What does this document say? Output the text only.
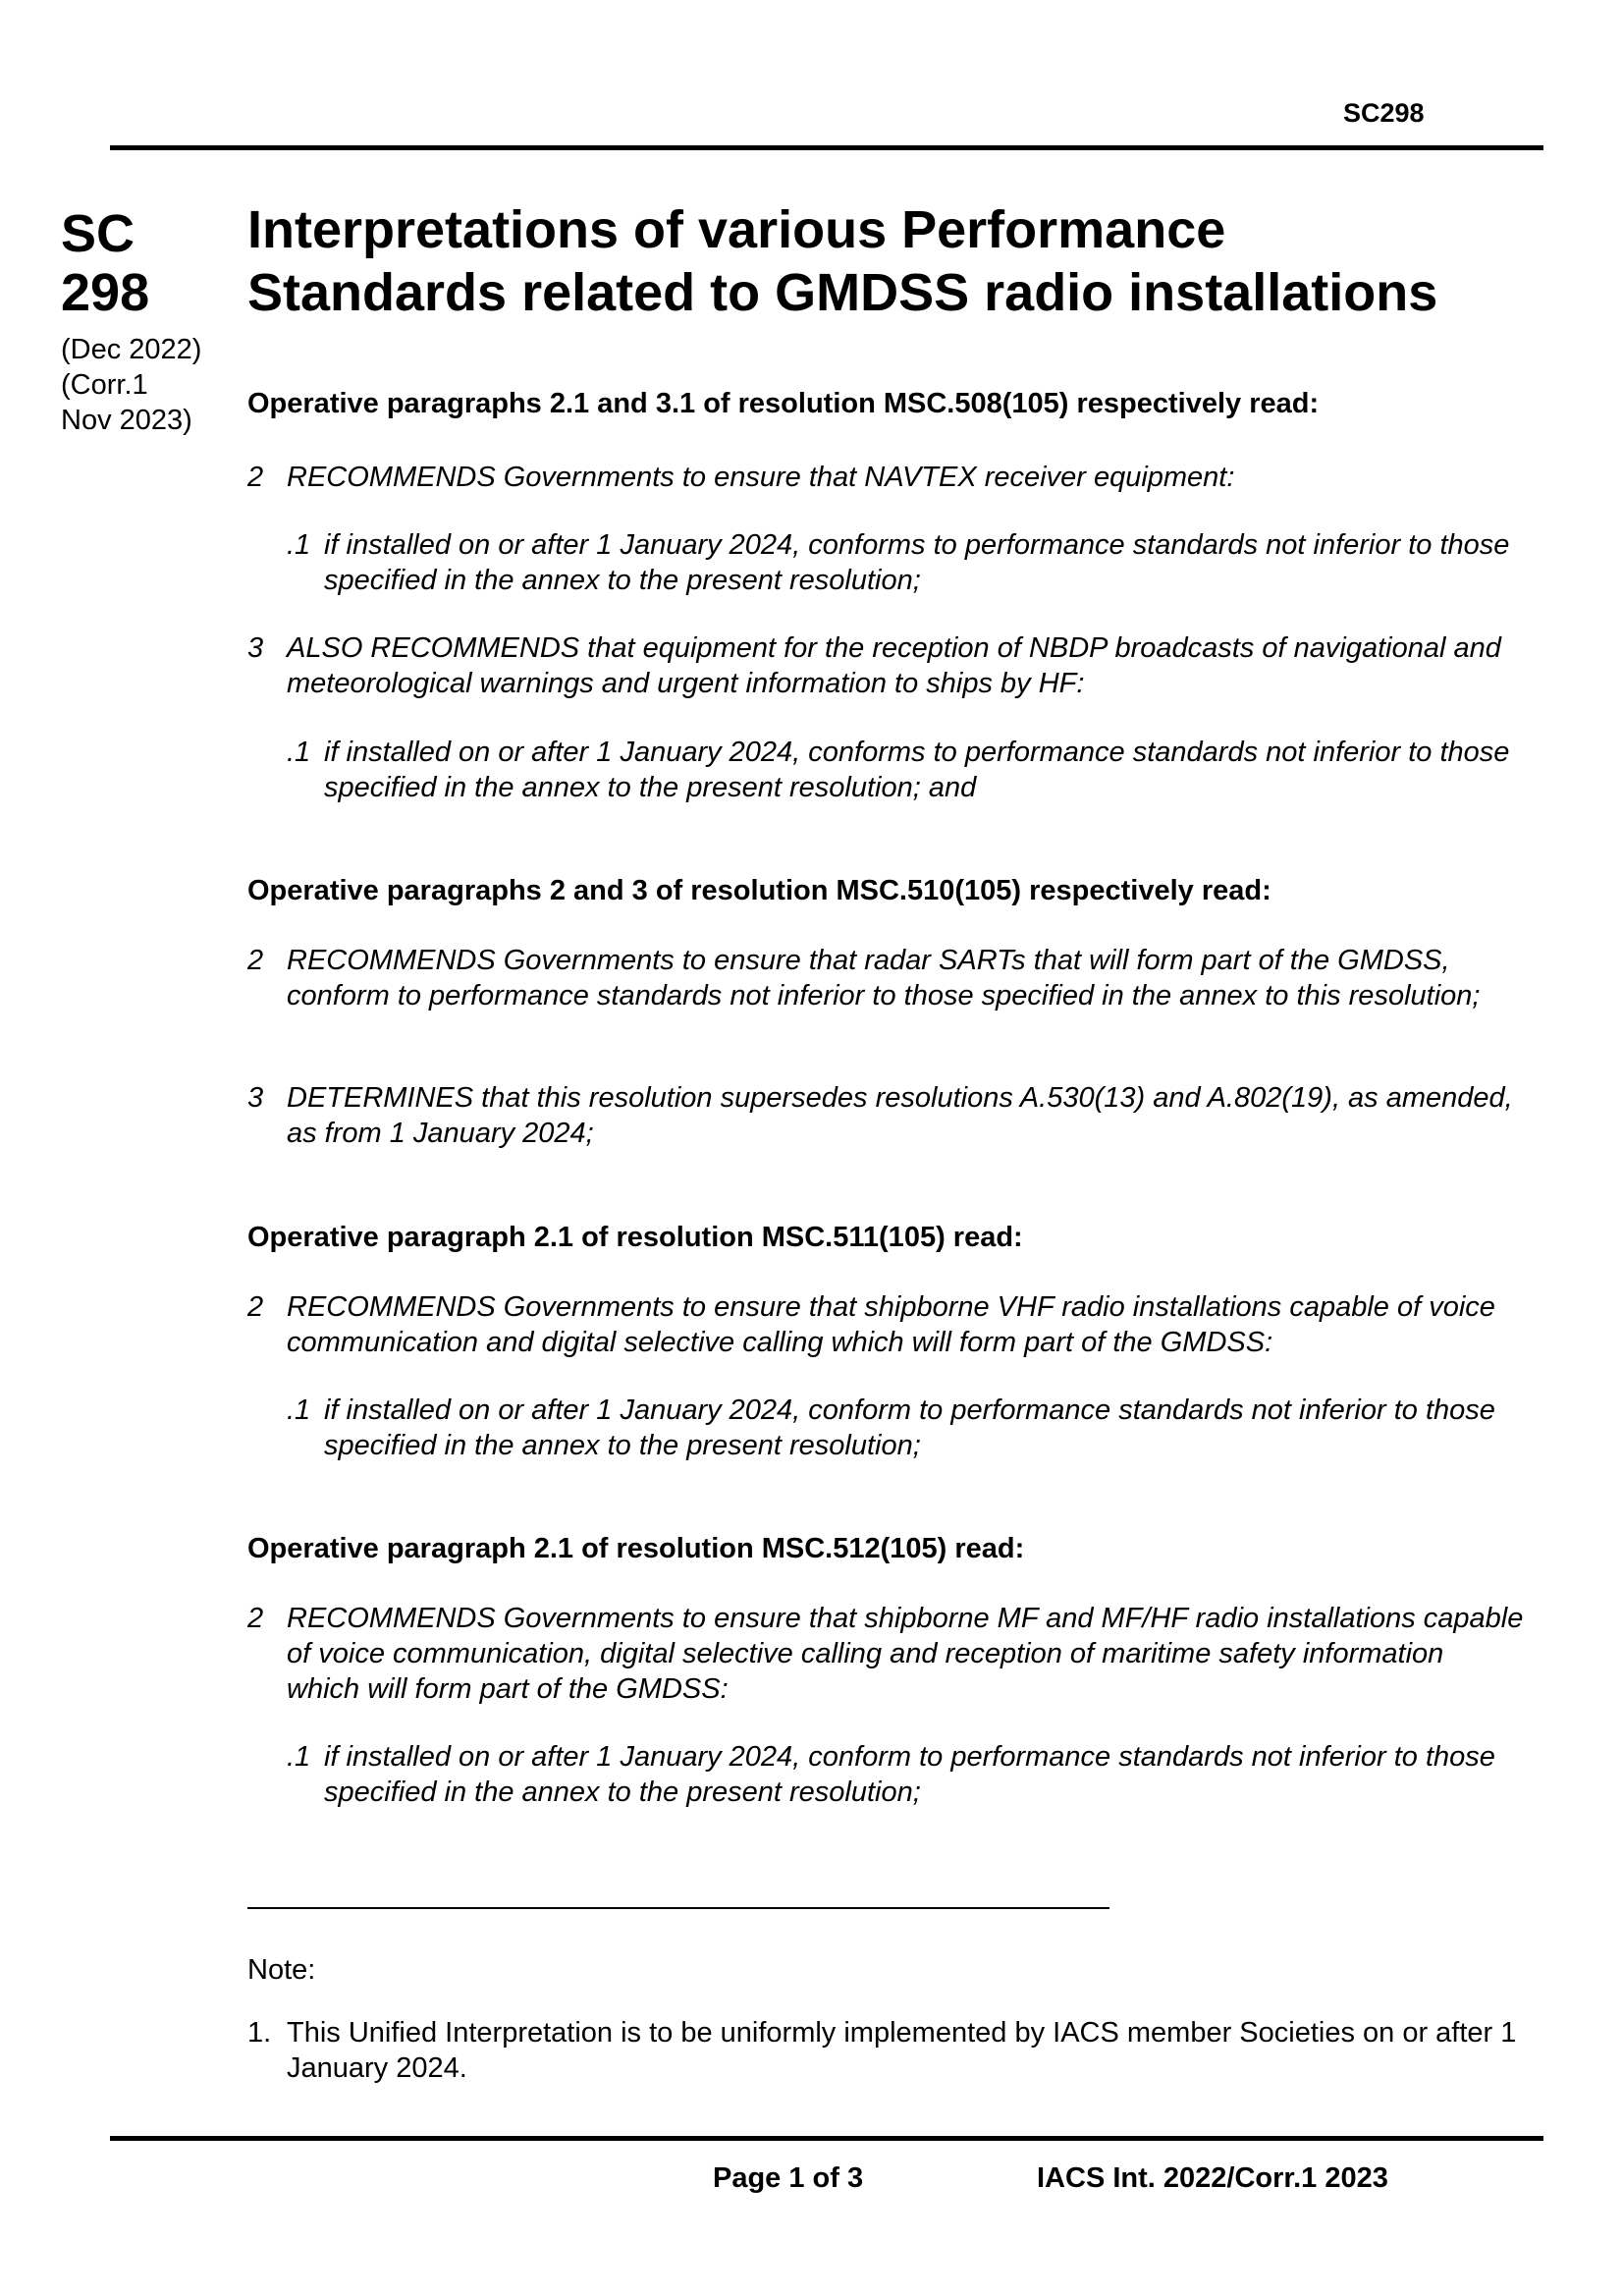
SC298
SC
298
(Dec 2022)
(Corr.1
Nov 2023)
Interpretations of various Performance
Standards related to GMDSS radio installations
Operative paragraphs 2.1 and 3.1 of resolution MSC.508(105) respectively read:
2 RECOMMENDS Governments to ensure that NAVTEX receiver equipment:
.1 if installed on or after 1 January 2024, conforms to performance standards not inferior to those specified in the annex to the present resolution;
3 ALSO RECOMMENDS that equipment for the reception of NBDP broadcasts of navigational and meteorological warnings and urgent information to ships by HF:
.1 if installed on or after 1 January 2024, conforms to performance standards not inferior to those specified in the annex to the present resolution; and
Operative paragraphs 2 and 3 of resolution MSC.510(105) respectively read:
2 RECOMMENDS Governments to ensure that radar SARTs that will form part of the GMDSS, conform to performance standards not inferior to those specified in the annex to this resolution;
3 DETERMINES that this resolution supersedes resolutions A.530(13) and A.802(19), as amended, as from 1 January 2024;
Operative paragraph 2.1 of resolution MSC.511(105) read:
2 RECOMMENDS Governments to ensure that shipborne VHF radio installations capable of voice communication and digital selective calling which will form part of the GMDSS:
.1 if installed on or after 1 January 2024, conform to performance standards not inferior to those specified in the annex to the present resolution;
Operative paragraph 2.1 of resolution MSC.512(105) read:
2 RECOMMENDS Governments to ensure that shipborne MF and MF/HF radio installations capable of voice communication, digital selective calling and reception of maritime safety information which will form part of the GMDSS:
.1 if installed on or after 1 January 2024, conform to performance standards not inferior to those specified in the annex to the present resolution;
Note:
1. This Unified Interpretation is to be uniformly implemented by IACS member Societies on or after 1 January 2024.
Page 1 of 3	IACS Int. 2022/Corr.1 2023
